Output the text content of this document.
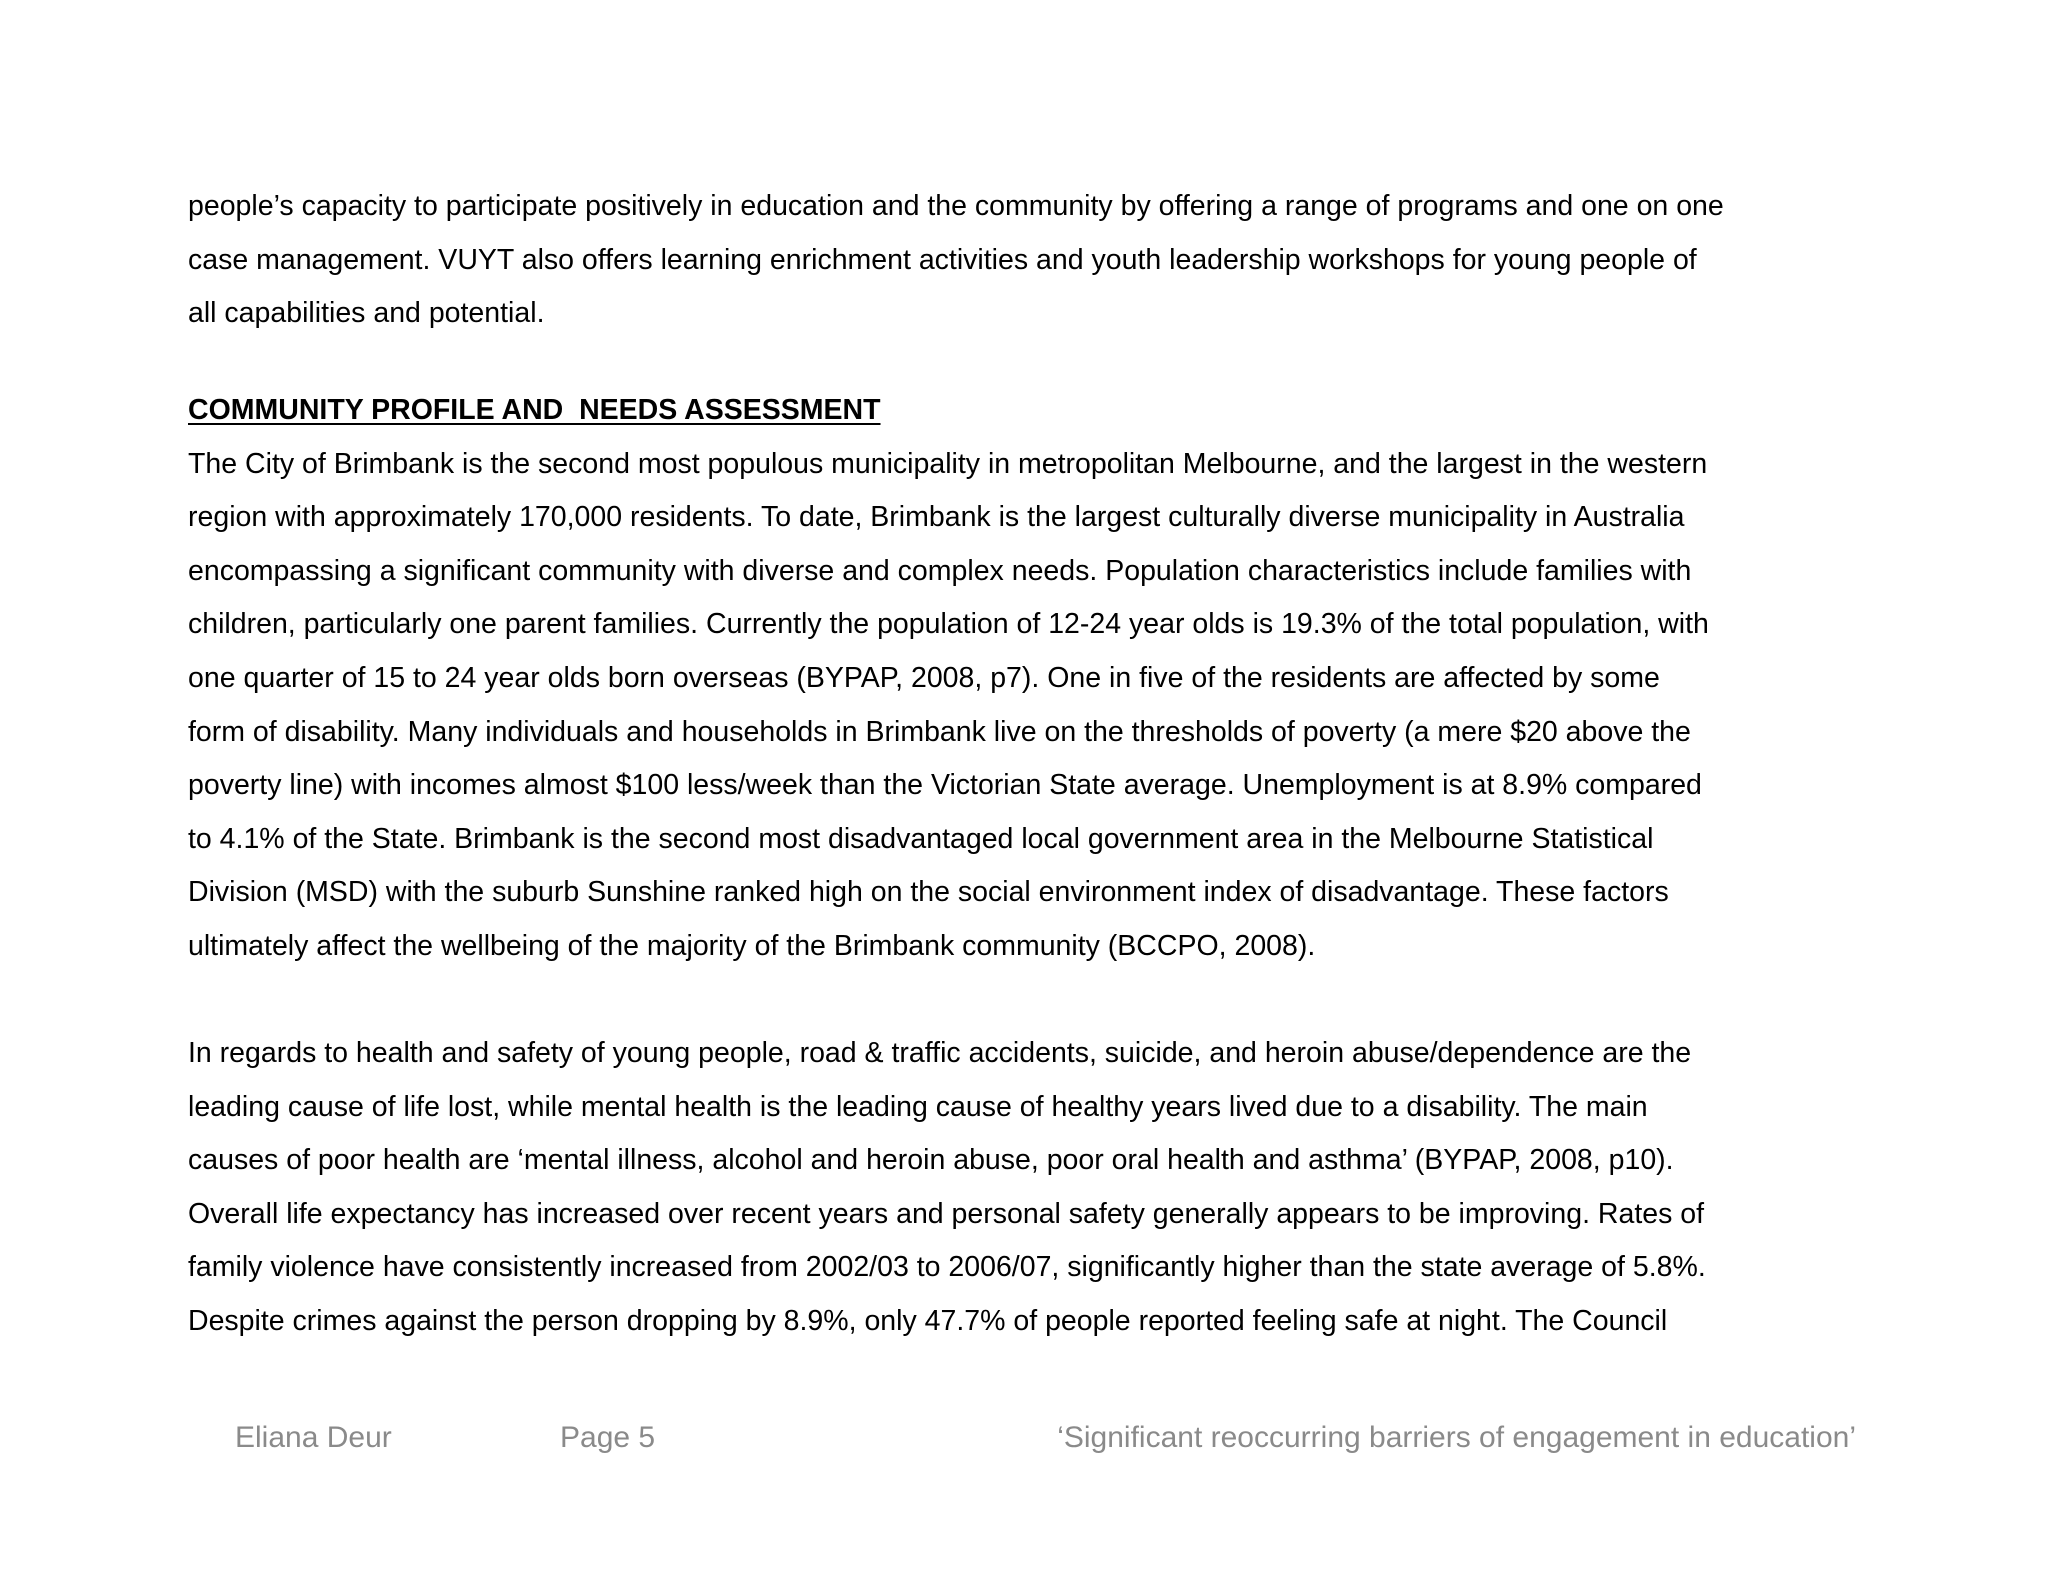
people’s capacity to participate positively in education and the community by offering a range of programs and one on one
case management. VUYT also offers learning enrichment activities and youth leadership workshops for young people of
all capabilities and potential.
COMMUNITY PROFILE AND  NEEDS ASSESSMENT
The City of Brimbank is the second most populous municipality in metropolitan Melbourne, and the largest in the western
region with approximately 170,000 residents. To date, Brimbank is the largest culturally diverse municipality in Australia
encompassing a significant community with diverse and complex needs. Population characteristics include families with
children, particularly one parent families. Currently the population of 12-24 year olds is 19.3% of the total population, with
one quarter of 15 to 24 year olds born overseas (BYPAP, 2008, p7). One in five of the residents are affected by some
form of disability. Many individuals and households in Brimbank live on the thresholds of poverty (a mere $20 above the
poverty line) with incomes almost $100 less/week than the Victorian State average. Unemployment is at 8.9% compared
to 4.1% of the State. Brimbank is the second most disadvantaged local government area in the Melbourne Statistical
Division (MSD) with the suburb Sunshine ranked high on the social environment index of disadvantage. These factors
ultimately affect the wellbeing of the majority of the Brimbank community (BCCPO, 2008).
In regards to health and safety of young people, road & traffic accidents, suicide, and heroin abuse/dependence are the
leading cause of life lost, while mental health is the leading cause of healthy years lived due to a disability. The main
causes of poor health are ‘mental illness, alcohol and heroin abuse, poor oral health and asthma’ (BYPAP, 2008, p10).
Overall life expectancy has increased over recent years and personal safety generally appears to be improving. Rates of
family violence have consistently increased from 2002/03 to 2006/07, significantly higher than the state average of 5.8%.
Despite crimes against the person dropping by 8.9%, only 47.7% of people reported feeling safe at night. The Council
Eliana Deur	Page 5	‘Significant reoccurring barriers of engagement in education’
